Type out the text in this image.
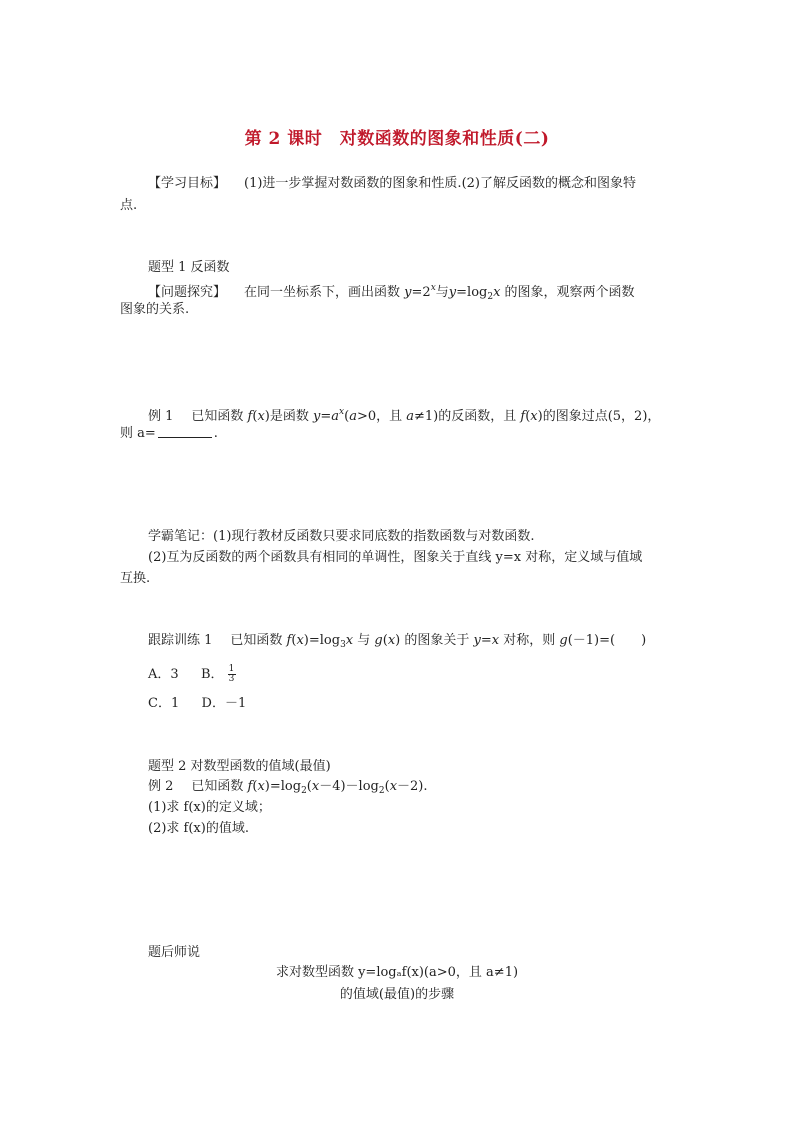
第 2 课时　对数函数的图象和性质(二)
【学习目标】 (1)进一步掌握对数函数的图象和性质.(2)了解反函数的概念和图象特
点.
题型 1 反函数
【问题探究】 在同一坐标系下，画出函数 $y=2^x$与$y=\log_2x$ 的图象，观察两个函数
图象的关系.
例 1 已知函数 f(x)是函数 $y=a^x(a>0$，且 a≠1)的反函数，且 f(x)的图象过点(5，2)，
则 a=	.
学霸笔记：(1)现行教材反函数只要求同底数的指数函数与对数函数.
(2)互为反函数的两个函数具有相同的单调性，图象关于直线 y=x 对称，定义域与值域
互换.
跟踪训练 1 已知函数 $f(x)=\log_3x$ 与 g(x) 的图象关于 y=x 对称，则 g(－1)=(　　)
A．3 B． $\frac{1}{3}$
C．1 D．－1
题型 2 对数型函数的值域(最值)
例 2 已知函数 $f(x)=\log_2(x-4)-\log_2(x-2)$.
(1)求 f(x)的定义域；
(2)求 f(x)的值域.
题后师说
求对数型函数 y=logₐf(x)(a>0，且 a≠1)
的值域(最值)的步骤
